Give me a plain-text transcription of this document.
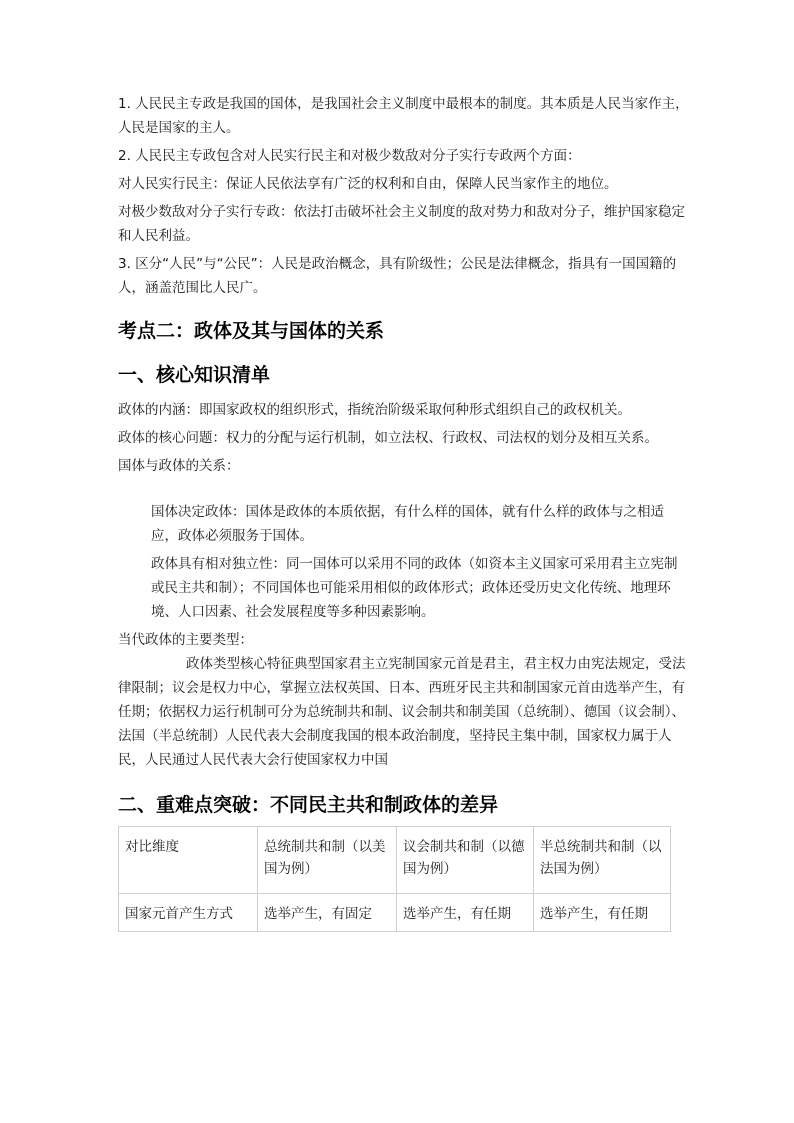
1. 人民民主专政是我国的国体，是我国社会主义制度中最根本的制度。其本质是人民当家作主，人民是国家的主人。

2. 人民民主专政包含对人民实行民主和对极少数敌对分子实行专政两个方面：

对人民实行民主：保证人民依法享有广泛的权利和自由，保障人民当家作主的地位。

对极少数敌对分子实行专政：依法打击破坏社会主义制度的敌对势力和敌对分子，维护国家稳定和人民利益。

3. 区分“人民”与“公民”：人民是政治概念，具有阶级性；公民是法律概念，指具有一国国籍的人，涵盖范围比人民广。

考点二：政体及其与国体的关系
一、核心知识清单

政体的内涵：即国家政权的组织形式，指统治阶级采取何种形式组织自己的政权机关。

政体的核心问题：权力的分配与运行机制，如立法权、行政权、司法权的划分及相互关系。

国体与政体的关系：

国体决定政体：国体是政体的本质依据，有什么样的国体，就有什么样的政体与之相适应，政体必须服务于国体。

政体具有相对独立性：同一国体可以采用不同的政体（如资本主义国家可采用君主立宪制或民主共和制）；不同国体也可能采用相似的政体形式；政体还受历史文化传统、地理环境、人口因素、社会发展程度等多种因素影响。

当代政体的主要类型：

政体类型核心特征典型国家君主立宪制国家元首是君主，君主权力由宪法规定，受法律限制；议会是权力中心，掌握立法权英国、日本、西班牙民主共和制国家元首由选举产生，有任期；依据权力运行机制可分为总统制共和制、议会制共和制美国（总统制）、德国（议会制）、法国（半总统制）人民代表大会制度我国的根本政治制度，坚持民主集中制，国家权力属于人民，人民通过人民代表大会行使国家权力中国

二、重难点突破：不同民主共和制政体的差异
对比维度	总统制共和制（以美国为例）	议会制共和制（以德国为例）	半总统制共和制（以法国为例）
国家元首产生方式	选举产生，有固定	选举产生，有任期	选举产生，有任期
